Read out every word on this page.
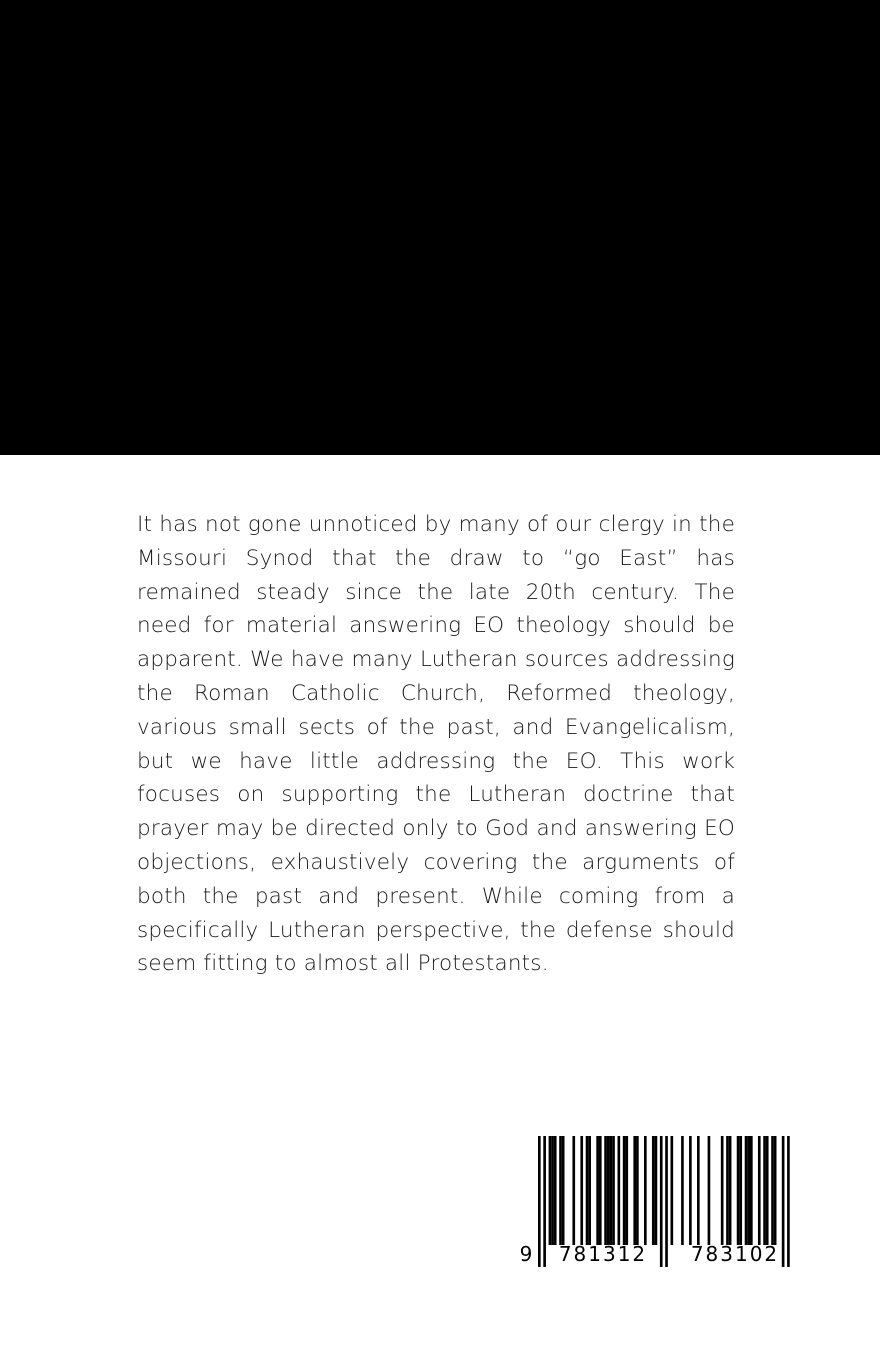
It has not gone unnoticed by many of our clergy in the Missouri Synod that the draw to “go East” has remained steady since the late 20th century. The need for material answering EO theology should be apparent. We have many Lutheran sources addressing the Roman Catholic Church, Reformed theology, various small sects of the past, and Evangelicalism, but we have little addressing the EO. This work focuses on supporting the Lutheran doctrine that prayer may be directed only to God and answering EO objections, exhaustively covering the arguments of both the past and present. While coming from a specifically Lutheran perspective, the defense should seem fitting to almost all Protestants.

9 781312 783102
